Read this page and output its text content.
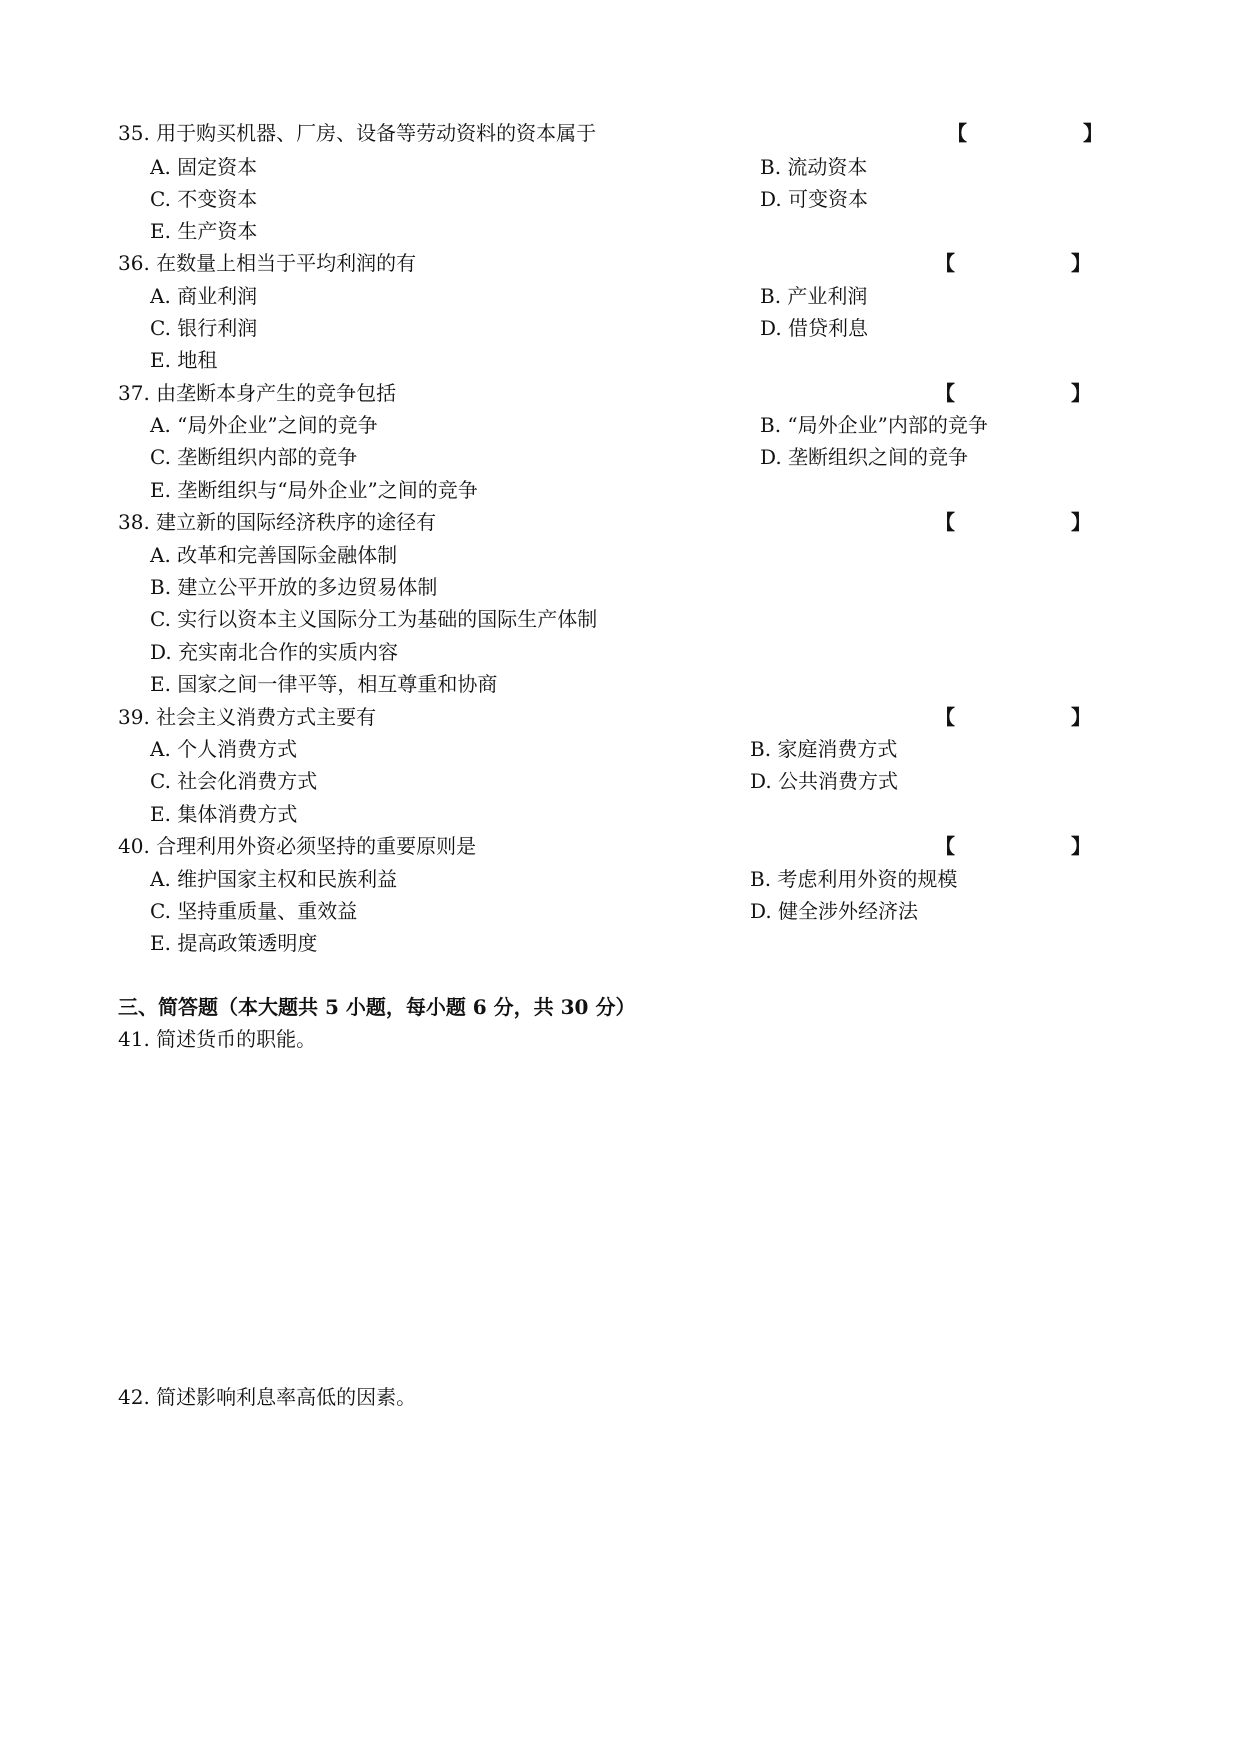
35. 用于购买机器、厂房、设备等劳动资料的资本属于	【	】
A. 固定资本	B. 流动资本
C. 不变资本	D. 可变资本
E. 生产资本
36. 在数量上相当于平均利润的有	【	】
A. 商业利润	B. 产业利润
C. 银行利润	D. 借贷利息
E. 地租
37. 由垄断本身产生的竞争包括	【	】
A. “局外企业”之间的竞争	B. “局外企业”内部的竞争
C. 垄断组织内部的竞争	D. 垄断组织之间的竞争
E. 垄断组织与“局外企业”之间的竞争
38. 建立新的国际经济秩序的途径有	【	】
A. 改革和完善国际金融体制
B. 建立公平开放的多边贸易体制
C. 实行以资本主义国际分工为基础的国际生产体制
D. 充实南北合作的实质内容
E. 国家之间一律平等，相互尊重和协商
39. 社会主义消费方式主要有	【	】
A. 个人消费方式	B. 家庭消费方式
C. 社会化消费方式	D. 公共消费方式
E. 集体消费方式
40. 合理利用外资必须坚持的重要原则是	【	】
A. 维护国家主权和民族利益	B. 考虑利用外资的规模
C. 坚持重质量、重效益	D. 健全涉外经济法
E. 提高政策透明度
三、简答题（本大题共 5 小题，每小题 6 分，共 30 分）
41. 简述货币的职能。
42. 简述影响利息率高低的因素。
